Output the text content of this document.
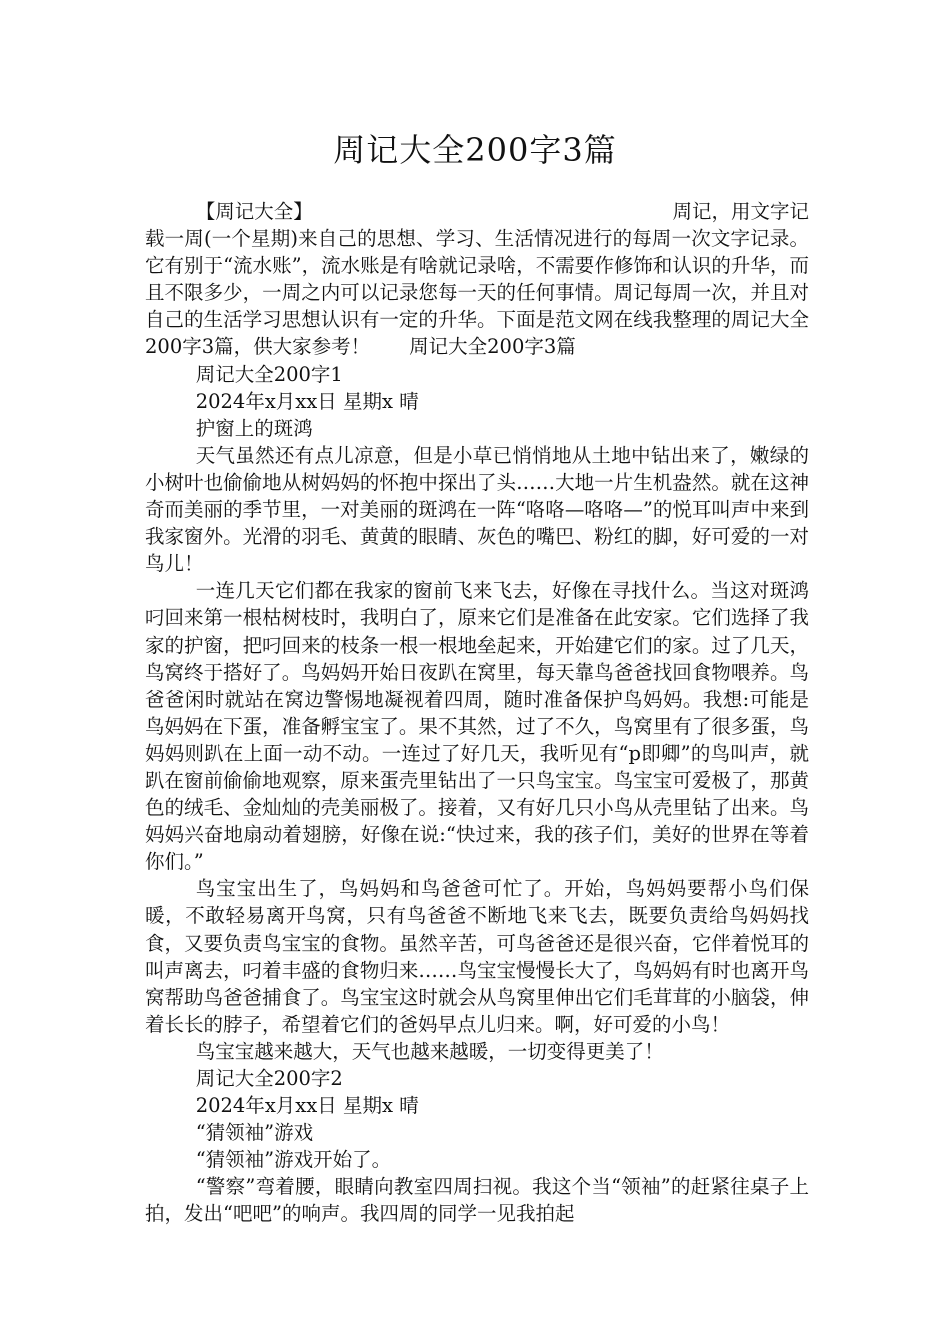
周记大全200字3篇
【周记大全】	周记，用文字记

载一周(一个星期)来自己的思想、学习、生活情况进行的每周一次文字记录。它有别于“流水账”，流水账是有啥就记录啥，不需要作修饰和认识的升华，而且不限多少，一周之内可以记录您每一天的任何事情。周记每周一次，并且对自己的生活学习思想认识有一定的升华。下面是范文网在线我整理的周记大全200字3篇，供大家参考！　　周记大全200字3篇

周记大全200字1

2024年x月xx日 星期x 晴

护窗上的斑鸿

天气虽然还有点儿凉意，但是小草已悄悄地从土地中钻出来了，嫩绿的小树叶也偷偷地从树妈妈的怀抱中探出了头……大地一片生机盎然。就在这神奇而美丽的季节里，一对美丽的斑鸿在一阵“咯咯—咯咯—”的悦耳叫声中来到我家窗外。光滑的羽毛、黄黄的眼睛、灰色的嘴巴、粉红的脚，好可爱的一对鸟儿！

一连几天它们都在我家的窗前飞来飞去，好像在寻找什么。当这对斑鸿叼回来第一根枯树枝时，我明白了，原来它们是准备在此安家。它们选择了我家的护窗，把叼回来的枝条一根一根地垒起来，开始建它们的家。过了几天，鸟窝终于搭好了。鸟妈妈开始日夜趴在窝里，每天靠鸟爸爸找回食物喂养。鸟爸爸闲时就站在窝边警惕地凝视着四周，随时准备保护鸟妈妈。我想:可能是鸟妈妈在下蛋，准备孵宝宝了。果不其然，过了不久，鸟窝里有了很多蛋，鸟妈妈则趴在上面一动不动。一连过了好几天，我听见有“p即卿”的鸟叫声，就趴在窗前偷偷地观察，原来蛋壳里钻出了一只鸟宝宝。鸟宝宝可爱极了，那黄色的绒毛、金灿灿的壳美丽极了。接着，又有好几只小鸟从壳里钻了出来。鸟妈妈兴奋地扇动着翅膀，好像在说:“快过来，我的孩子们，美好的世界在等着你们。”

鸟宝宝出生了，鸟妈妈和鸟爸爸可忙了。开始，鸟妈妈要帮小鸟们保暖，不敢轻易离开鸟窝，只有鸟爸爸不断地飞来飞去，既要负责给鸟妈妈找食，又要负责鸟宝宝的食物。虽然辛苦，可鸟爸爸还是很兴奋，它伴着悦耳的叫声离去，叼着丰盛的食物归来……鸟宝宝慢慢长大了，鸟妈妈有时也离开鸟窝帮助鸟爸爸捕食了。鸟宝宝这时就会从鸟窝里伸出它们毛茸茸的小脑袋，伸着长长的脖子，希望着它们的爸妈早点儿归来。啊，好可爱的小鸟！

鸟宝宝越来越大，天气也越来越暖，一切变得更美了！

周记大全200字2

2024年x月xx日 星期x 晴

“猜领袖”游戏

“猜领袖”游戏开始了。

“警察”弯着腰，眼睛向教室四周扫视。我这个当“领袖”的赶紧往桌子上拍，发出“吧吧”的响声。我四周的同学一见我拍起
